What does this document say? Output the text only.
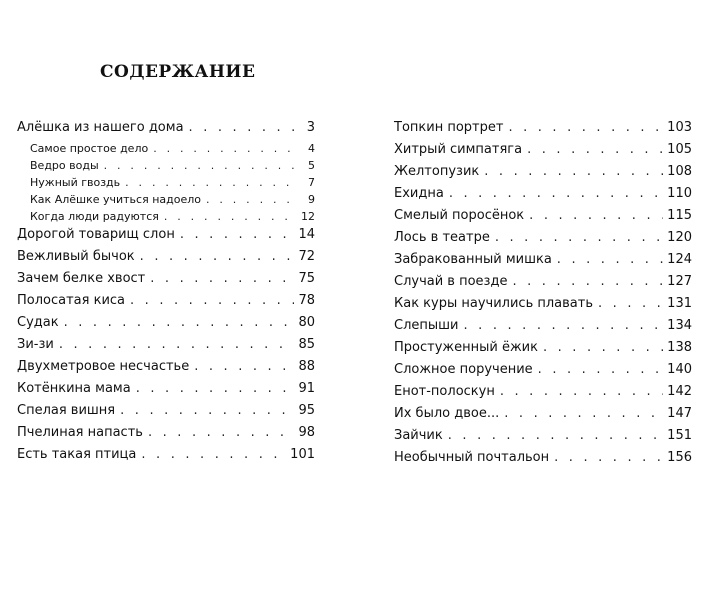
СОДЕРЖАНИЕ
Алёшка из нашего дома . . .	3
Самое простое дело . . .	4
Ведро воды . . .	5
Нужный гвоздь . . .	7
Как Алёшке учиться надоело . . .	9
Когда люди радуются . . .	12
Дорогой товарищ слон . . .	14
Вежливый бычок . . .	72
Зачем белке хвост . . .	75
Полосатая киса . . .	78
Судак . . .	80
Зи-зи . . .	85
Двухметровое несчастье . . .	88
Котёнкина мама . . .	91
Спелая вишня . . .	95
Пчелиная напасть . . .	98
Есть такая птица . . .	101
Топкин портрет . . .	103
Хитрый симпатяга . . .	105
Желтопузик . . .	108
Ехидна . . .	110
Смелый поросёнок . . .	115
Лось в театре . . .	120
Забракованный мишка . . .	124
Случай в поезде . . .	127
Как куры научились плавать . . .	131
Слепыши . . .	134
Простуженный ёжик . . .	138
Сложное поручение . . .	140
Енот-полоскун . . .	142
Их было двое... . . .	147
Зайчик . . .	151
Необычный почтальон . . .	156
